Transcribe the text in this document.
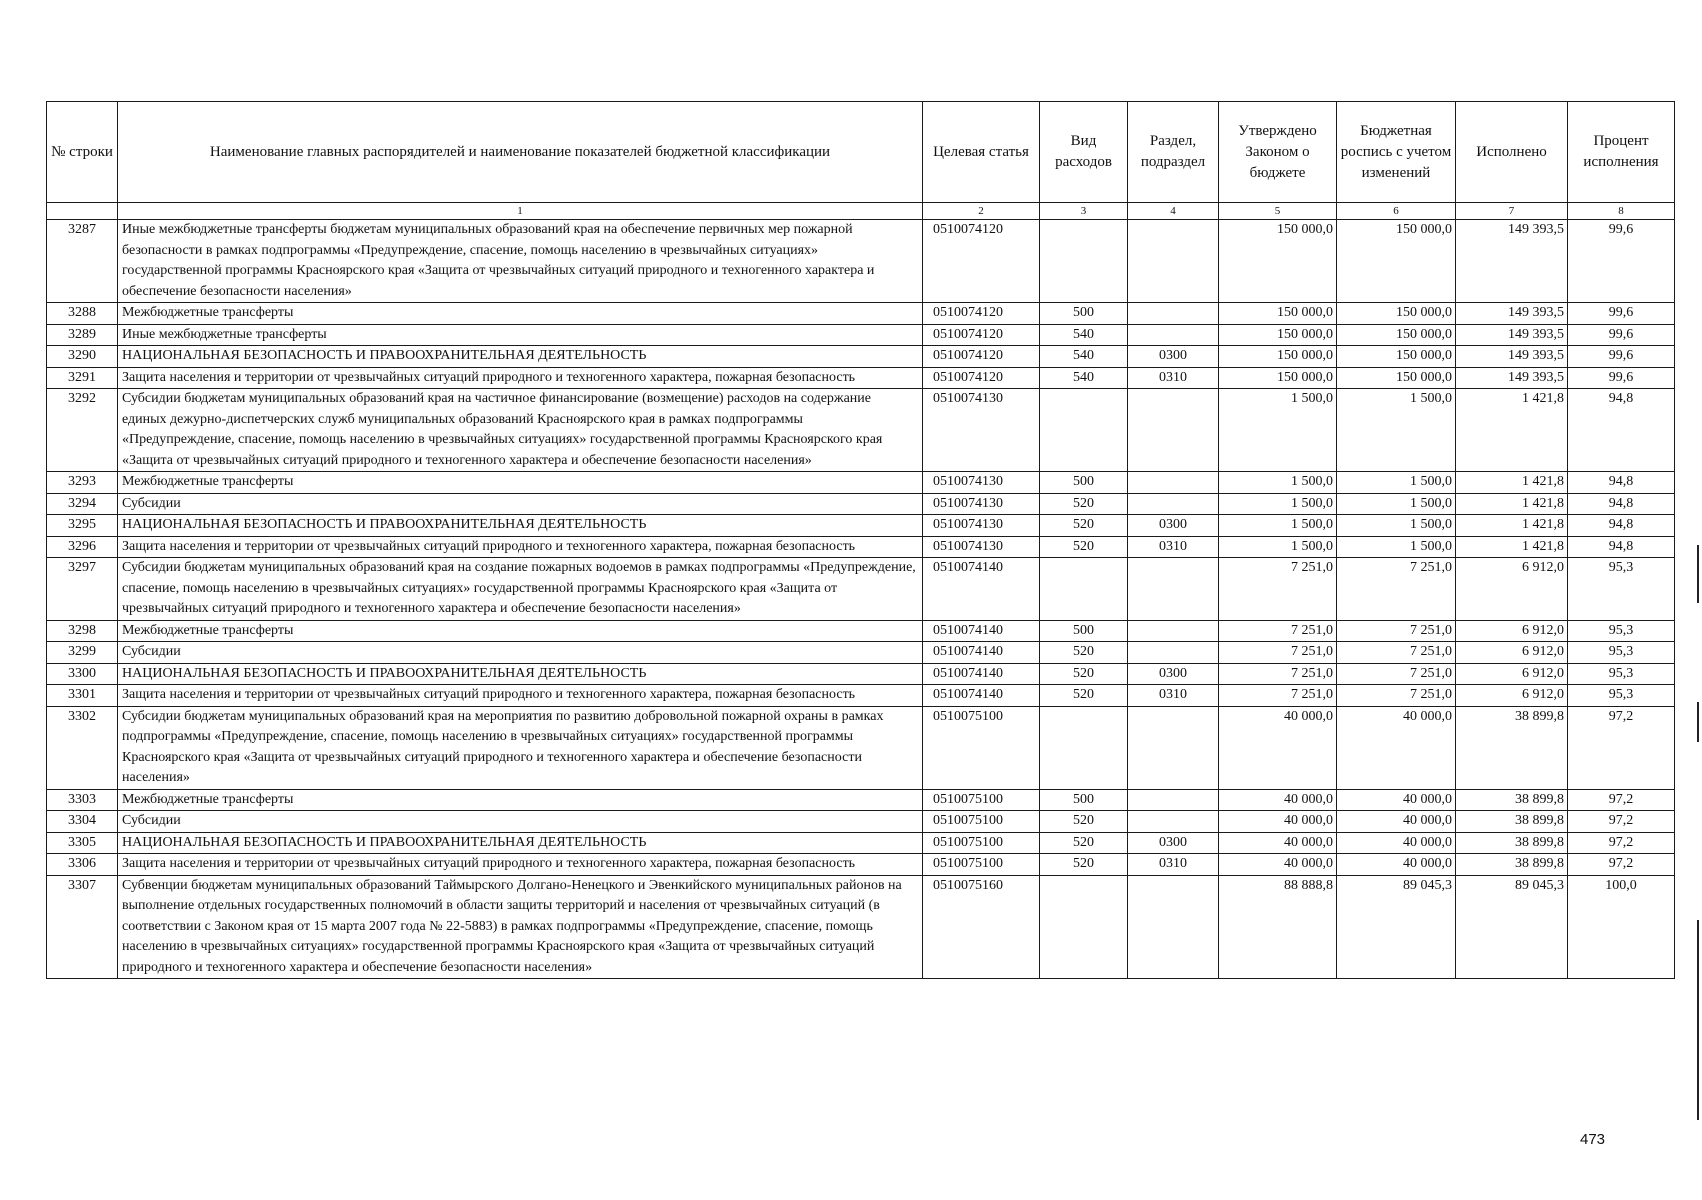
№ строки	Наименование главных распорядителей и наименование показателей бюджетной классификации	Целевая статья	Вид расходов	Раздел, подраздел	Утверждено Законом о бюджете	Бюджетная роспись с учетом изменений	Исполнено	Процент исполнения
	1	2	3	4	5	6	7	8
3287	Иные межбюджетные трансферты бюджетам муниципальных образований края на обеспечение первичных мер пожарной безопасности в рамках подпрограммы «Предупреждение, спасение, помощь населению в чрезвычайных ситуациях» государственной программы Красноярского края «Защита от чрезвычайных ситуаций природного и техногенного характера и обеспечение безопасности населения»	0510074120			150 000,0	150 000,0	149 393,5	99,6
3288	Межбюджетные трансферты	0510074120	500		150 000,0	150 000,0	149 393,5	99,6
3289	Иные межбюджетные трансферты	0510074120	540		150 000,0	150 000,0	149 393,5	99,6
3290	НАЦИОНАЛЬНАЯ БЕЗОПАСНОСТЬ И ПРАВООХРАНИТЕЛЬНАЯ ДЕЯТЕЛЬНОСТЬ	0510074120	540	0300	150 000,0	150 000,0	149 393,5	99,6
3291	Защита населения и территории от чрезвычайных ситуаций природного и техногенного характера, пожарная безопасность	0510074120	540	0310	150 000,0	150 000,0	149 393,5	99,6
3292	Субсидии бюджетам муниципальных образований края на частичное финансирование (возмещение) расходов на содержание единых дежурно-диспетчерских служб муниципальных образований Красноярского края в рамках подпрограммы «Предупреждение, спасение, помощь населению в чрезвычайных ситуациях» государственной программы Красноярского края «Защита от чрезвычайных ситуаций природного и техногенного характера и обеспечение безопасности населения»	0510074130			1 500,0	1 500,0	1 421,8	94,8
3293	Межбюджетные трансферты	0510074130	500		1 500,0	1 500,0	1 421,8	94,8
3294	Субсидии	0510074130	520		1 500,0	1 500,0	1 421,8	94,8
3295	НАЦИОНАЛЬНАЯ БЕЗОПАСНОСТЬ И ПРАВООХРАНИТЕЛЬНАЯ ДЕЯТЕЛЬНОСТЬ	0510074130	520	0300	1 500,0	1 500,0	1 421,8	94,8
3296	Защита населения и территории от чрезвычайных ситуаций природного и техногенного характера, пожарная безопасность	0510074130	520	0310	1 500,0	1 500,0	1 421,8	94,8
3297	Субсидии бюджетам муниципальных образований края на создание пожарных водоемов в рамках подпрограммы «Предупреждение, спасение, помощь населению в чрезвычайных ситуациях» государственной программы Красноярского края «Защита от чрезвычайных ситуаций природного и техногенного характера и обеспечение безопасности населения»	0510074140			7 251,0	7 251,0	6 912,0	95,3
3298	Межбюджетные трансферты	0510074140	500		7 251,0	7 251,0	6 912,0	95,3
3299	Субсидии	0510074140	520		7 251,0	7 251,0	6 912,0	95,3
3300	НАЦИОНАЛЬНАЯ БЕЗОПАСНОСТЬ И ПРАВООХРАНИТЕЛЬНАЯ ДЕЯТЕЛЬНОСТЬ	0510074140	520	0300	7 251,0	7 251,0	6 912,0	95,3
3301	Защита населения и территории от чрезвычайных ситуаций природного и техногенного характера, пожарная безопасность	0510074140	520	0310	7 251,0	7 251,0	6 912,0	95,3
3302	Субсидии бюджетам муниципальных образований края на мероприятия по развитию добровольной пожарной охраны в рамках подпрограммы «Предупреждение, спасение, помощь населению в чрезвычайных ситуациях» государственной программы Красноярского края «Защита от чрезвычайных ситуаций природного и техногенного характера и обеспечение безопасности населения»	0510075100			40 000,0	40 000,0	38 899,8	97,2
3303	Межбюджетные трансферты	0510075100	500		40 000,0	40 000,0	38 899,8	97,2
3304	Субсидии	0510075100	520		40 000,0	40 000,0	38 899,8	97,2
3305	НАЦИОНАЛЬНАЯ БЕЗОПАСНОСТЬ И ПРАВООХРАНИТЕЛЬНАЯ ДЕЯТЕЛЬНОСТЬ	0510075100	520	0300	40 000,0	40 000,0	38 899,8	97,2
3306	Защита населения и территории от чрезвычайных ситуаций природного и техногенного характера, пожарная безопасность	0510075100	520	0310	40 000,0	40 000,0	38 899,8	97,2
3307	Субвенции бюджетам муниципальных образований Таймырского Долгано-Ненецкого и Эвенкийского муниципальных районов на выполнение отдельных государственных полномочий в области защиты территорий и населения от чрезвычайных ситуаций (в соответствии с Законом края от 15 марта 2007 года № 22-5883) в рамках подпрограммы «Предупреждение, спасение, помощь населению в чрезвычайных ситуациях» государственной программы Красноярского края «Защита от чрезвычайных ситуаций природного и техногенного характера и обеспечение безопасности населения»	0510075160			88 888,8	89 045,3	89 045,3	100,0
473
